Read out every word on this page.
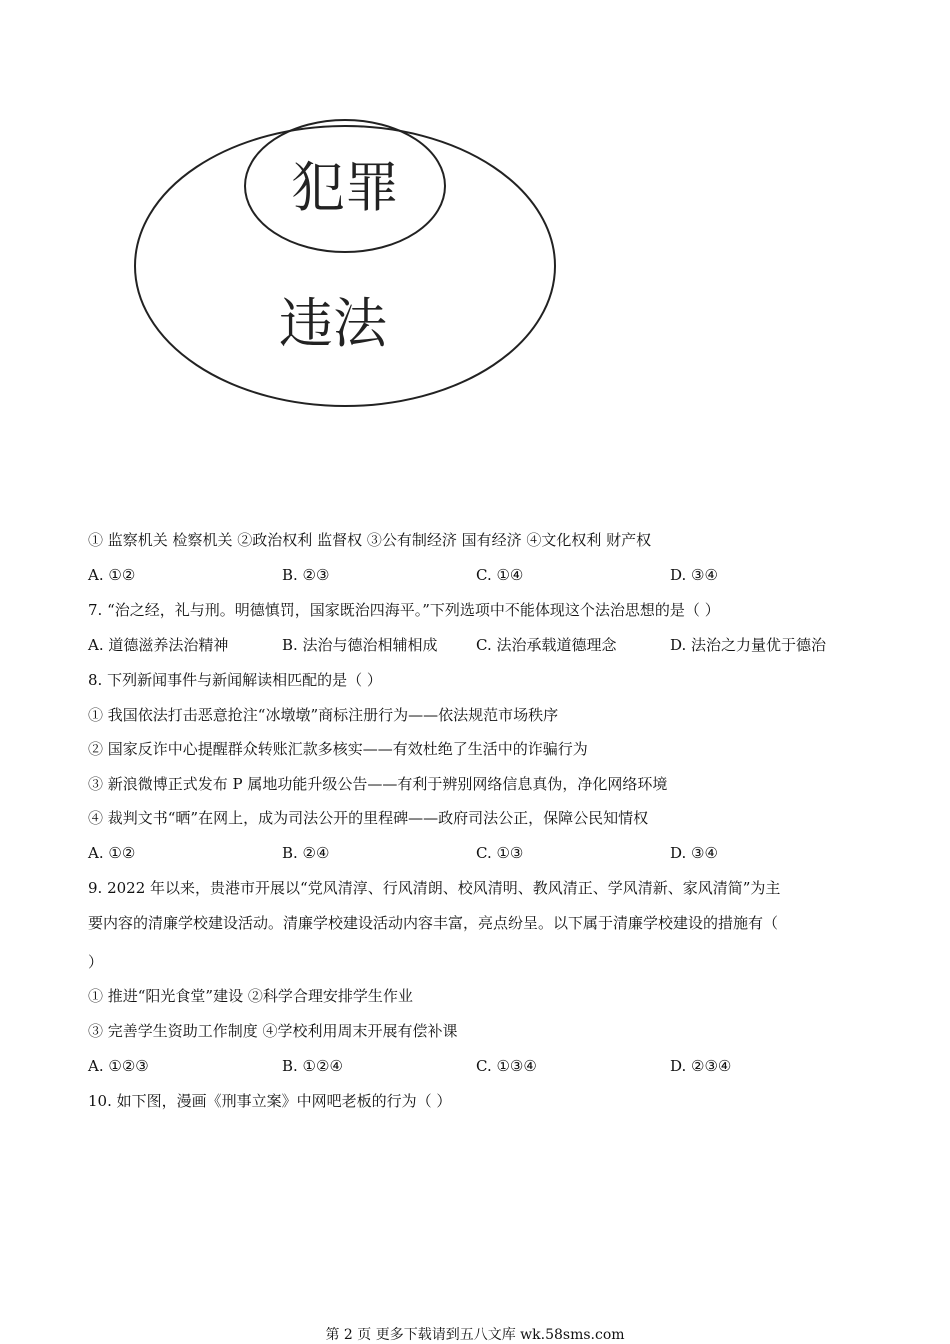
犯罪
违法
① 监察机关 检察机关 ②政治权利 监督权 ③公有制经济 国有经济 ④文化权利 财产权
A. ①②	B. ②③	C. ①④	D. ③④
7. “治之经，礼与刑。明德慎罚，国家既治四海平。”下列选项中不能体现这个法治思想的是（ ）
A. 道德滋养法治精神	B. 法治与德治相辅相成	C. 法治承载道德理念	D. 法治之力量优于德治
8. 下列新闻事件与新闻解读相匹配的是（ ）
① 我国依法打击恶意抢注“冰墩墩”商标注册行为——依法规范市场秩序
② 国家反诈中心提醒群众转账汇款多核实——有效杜绝了生活中的诈骗行为
③ 新浪微博正式发布 P 属地功能升级公告——有利于辨别网络信息真伪，净化网络环境
④ 裁判文书“晒”在网上，成为司法公开的里程碑——政府司法公正，保障公民知情权
A. ①②	B. ②④	C. ①③	D. ③④
9. 2022 年以来，贵港市开展以“党风清淳、行风清朗、校风清明、教风清正、学风清新、家风清简”为主
要内容的清廉学校建设活动。清廉学校建设活动内容丰富，亮点纷呈。以下属于清廉学校建设的措施有（
）
① 推进“阳光食堂”建设 ②科学合理安排学生作业
③ 完善学生资助工作制度 ④学校利用周末开展有偿补课
A. ①②③	B. ①②④	C. ①③④	D. ②③④
10. 如下图，漫画《刑事立案》中网吧老板的行为（ ）
第 2 页 更多下载请到五八文库 wk.58sms.com
